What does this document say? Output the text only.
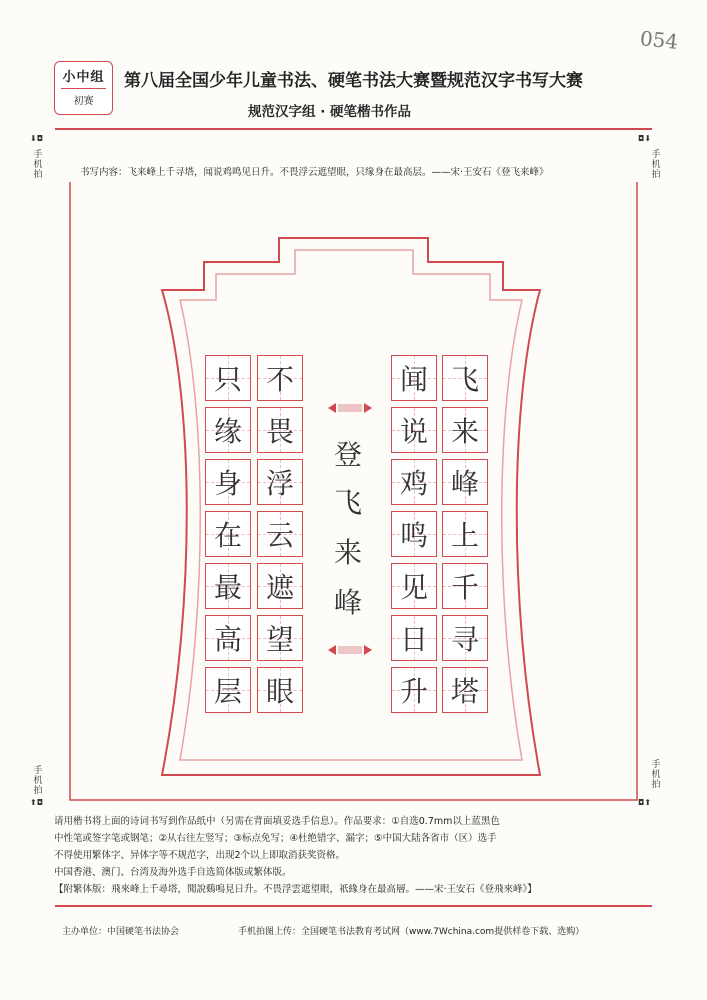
054
小中组
初赛
第八届全国少年儿童书法、硬笔书法大赛暨规范汉字书写大赛
规范汉字组 · 硬笔楷书作品
⬇◘
手
机
拍
◘⬇
手
机
拍
手
机
拍
⬆◘
手
机
拍
◘⬆
书写内容：飞来峰上千寻塔，闻说鸡鸣见日升。不畏浮云遮望眼，只缘身在最高层。——宋·王安石《登飞来峰》
登
飞
来
峰
飞
来
峰
上
千
寻
塔
闻
说
鸡
鸣
见
日
升
不
畏
浮
云
遮
望
眼
只
缘
身
在
最
高
层
请用楷书将上面的诗词书写到作品纸中（另需在背面填妥选手信息）。作品要求：①自选0.7mm以上蓝黑色
中性笔或签字笔或钢笔；②从右往左竖写；③标点免写；④杜绝错字、漏字；⑤中国大陆各省市（区）选手
不得使用繁体字、异体字等不规范字，出现2个以上即取消获奖资格。
中国香港、澳门、台湾及海外选手自选简体版或繁体版。
【附繁体版：飛來峰上千尋塔，聞說鷄鳴見日升。不畏浮雲遮望眼，祇緣身在最高層。——宋·王安石《登飛來峰》】
主办单位：中国硬笔书法协会	手机拍图上传：全国硬笔书法教育考试网（www.7Wchina.com提供样卷下载、选购）
